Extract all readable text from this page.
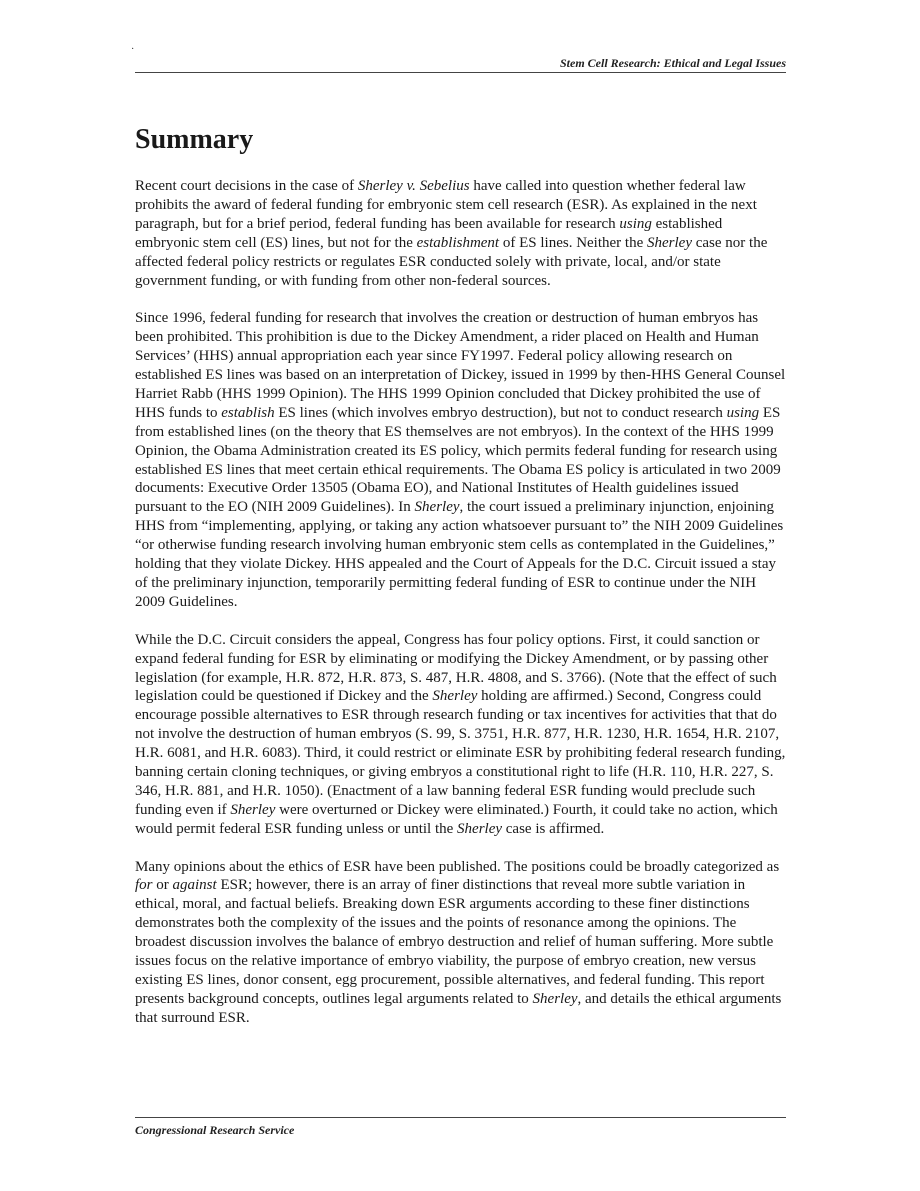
·
Stem Cell Research: Ethical and Legal Issues
Summary

Recent court decisions in the case of Sherley v. Sebelius have called into question whether federal law prohibits the award of federal funding for embryonic stem cell research (ESR). As explained in the next paragraph, but for a brief period, federal funding has been available for research using established embryonic stem cell (ES) lines, but not for the establishment of ES lines. Neither the Sherley case nor the affected federal policy restricts or regulates ESR conducted solely with private, local, and/or state government funding, or with funding from other non-federal sources.

Since 1996, federal funding for research that involves the creation or destruction of human embryos has been prohibited. This prohibition is due to the Dickey Amendment, a rider placed on Health and Human Services’ (HHS) annual appropriation each year since FY1997. Federal policy allowing research on established ES lines was based on an interpretation of Dickey, issued in 1999 by then-HHS General Counsel Harriet Rabb (HHS 1999 Opinion). The HHS 1999 Opinion concluded that Dickey prohibited the use of HHS funds to establish ES lines (which involves embryo destruction), but not to conduct research using ES from established lines (on the theory that ES themselves are not embryos). In the context of the HHS 1999 Opinion, the Obama Administration created its ES policy, which permits federal funding for research using established ES lines that meet certain ethical requirements. The Obama ES policy is articulated in two 2009 documents: Executive Order 13505 (Obama EO), and National Institutes of Health guidelines issued pursuant to the EO (NIH 2009 Guidelines). In Sherley, the court issued a preliminary injunction, enjoining HHS from “implementing, applying, or taking any action whatsoever pursuant to” the NIH 2009 Guidelines “or otherwise funding research involving human embryonic stem cells as contemplated in the Guidelines,” holding that they violate Dickey. HHS appealed and the Court of Appeals for the D.C. Circuit issued a stay of the preliminary injunction, temporarily permitting federal funding of ESR to continue under the NIH 2009 Guidelines.

While the D.C. Circuit considers the appeal, Congress has four policy options. First, it could sanction or expand federal funding for ESR by eliminating or modifying the Dickey Amendment, or by passing other legislation (for example, H.R. 872, H.R. 873, S. 487, H.R. 4808, and S. 3766). (Note that the effect of such legislation could be questioned if Dickey and the Sherley holding are affirmed.) Second, Congress could encourage possible alternatives to ESR through research funding or tax incentives for activities that that do not involve the destruction of human embryos (S. 99, S. 3751, H.R. 877, H.R. 1230, H.R. 1654, H.R. 2107, H.R. 6081, and H.R. 6083). Third, it could restrict or eliminate ESR by prohibiting federal research funding, banning certain cloning techniques, or giving embryos a constitutional right to life (H.R. 110, H.R. 227, S. 346, H.R. 881, and H.R. 1050). (Enactment of a law banning federal ESR funding would preclude such funding even if Sherley were overturned or Dickey were eliminated.) Fourth, it could take no action, which would permit federal ESR funding unless or until the Sherley case is affirmed.

Many opinions about the ethics of ESR have been published. The positions could be broadly categorized as for or against ESR; however, there is an array of finer distinctions that reveal more subtle variation in ethical, moral, and factual beliefs. Breaking down ESR arguments according to these finer distinctions demonstrates both the complexity of the issues and the points of resonance among the opinions. The broadest discussion involves the balance of embryo destruction and relief of human suffering. More subtle issues focus on the relative importance of embryo viability, the purpose of embryo creation, new versus existing ES lines, donor consent, egg procurement, possible alternatives, and federal funding. This report presents background concepts, outlines legal arguments related to Sherley, and details the ethical arguments that surround ESR.

Congressional Research Service
